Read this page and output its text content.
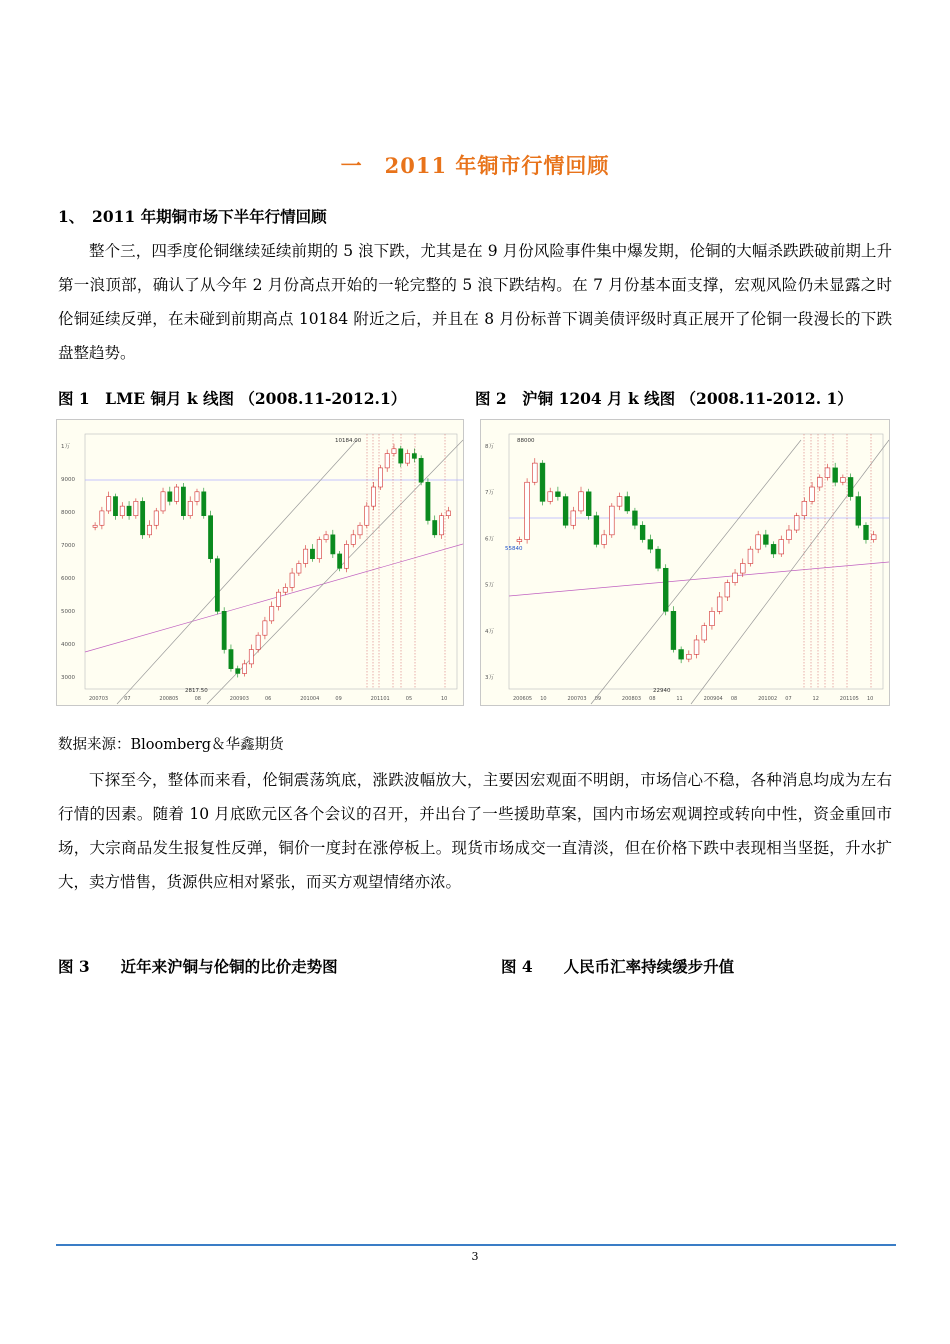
一　2011 年铜市行情回顾
1、　2011 年期铜市场下半年行情回顾
整个三，四季度伦铜继续延续前期的 5 浪下跌，尤其是在 9 月份风险事件集中爆发期，伦铜的大幅杀跌跌破前期上升第一浪顶部，确认了从今年 2 月份高点开始的一轮完整的 5 浪下跌结构。在 7 月份基本面支撑，宏观风险仍未显露之时伦铜延续反弹，在未碰到前期高点 10184 附近之后，并且在 8 月份标普下调美债评级时真正展开了伦铜一段漫长的下跌盘整趋势。
图 1　LME 铜月 k 线图 （2008.11-2012.1）	图 2　沪铜 1204 月 k 线图 （2008.11-2012. 1）
1万
9000
8000
7000
6000
5000
4000
3000
200703	07	200805	08	200903	06	201004	09	201101	05	10
10184.00
2817.50
8万
7万
6万
5万
4万
3万
200605 10	200703 09	200803 08	11	200904 08	201002 07	12	201105 10
88000
22940
55840
数据来源：Bloomberg＆华鑫期货
下探至今，整体而来看，伦铜震荡筑底，涨跌波幅放大，主要因宏观面不明朗，市场信心不稳，各种消息均成为左右行情的因素。随着 10 月底欧元区各个会议的召开，并出台了一些援助草案，国内市场宏观调控或转向中性，资金重回市场，大宗商品发生报复性反弹，铜价一度封在涨停板上。现货市场成交一直清淡，但在价格下跌中表现相当坚挺，升水扩大，卖方惜售，货源供应相对紧张，而买方观望情绪亦浓。
图 3　　近年来沪铜与伦铜的比价走势图	图 4　　人民币汇率持续缓步升值
3
